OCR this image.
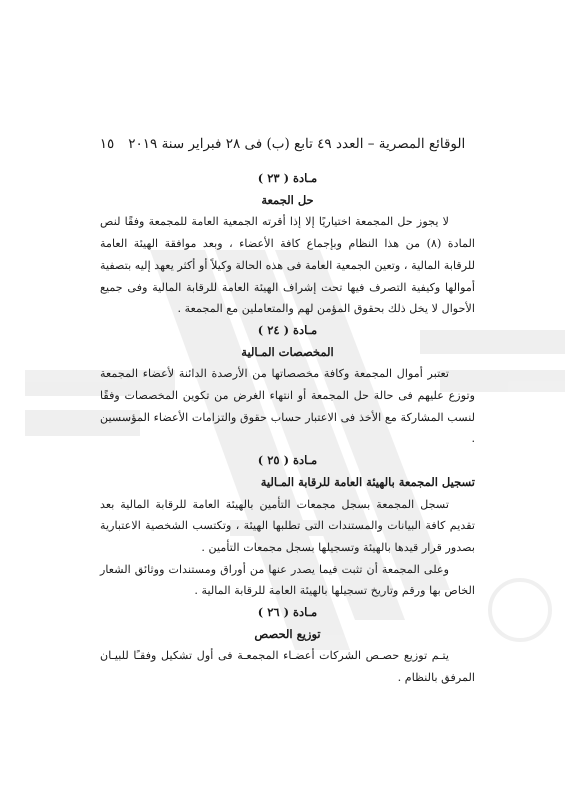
الوقائع المصرية – العدد ٤٩ تابع (ب) فى ٢٨ فبراير سنة ٢٠١٩
١٥

مـادة ( ٢٣ )

حل الجمعة

لا يجوز حل المجمعة اختياريًا إلا إذا أقرته الجمعية العامة للمجمعة وفقًا لنص المادة (٨) من هذا النظام وبإجماع كافة الأعضاء ، وبعد موافقة الهيئة العامة للرقابة المالية ، وتعين الجمعية العامة فى هذه الحالة وكيلاً أو أكثر يعهد إليه بتصفية أموالها وكيفية التصرف فيها تحت إشراف الهيئة العامة للرقابة المالية وفى جميع الأحوال لا يخل ذلك بحقوق المؤمن لهم والمتعاملين مع المجمعة .

مـادة ( ٢٤ )

المخصصات المـالية

تعتبر أموال المجمعة وكافة مخصصاتها من الأرصدة الدائنة لأعضاء المجمعة وتوزع عليهم فى حالة حل المجمعة أو انتهاء الغرض من تكوين المخصصات وفقًا لنسب المشاركة مع الأخذ فى الاعتبار حساب حقوق والتزامات الأعضاء المؤسسين .

مـادة ( ٢٥ )

تسجيل المجمعة بالهيئة العامة للرقابة المـالية

تسجل المجمعة بسجل مجمعات التأمين بالهيئة العامة للرقابة المالية بعد تقديم كافة البيانات والمستندات التى تطلبها الهيئة ، وتكتسب الشخصية الاعتبارية بصدور قرار قيدها بالهيئة وتسجيلها بسجل مجمعات التأمين .

وعلى المجمعة أن تثبت فيما يصدر عنها من أوراق ومستندات ووثائق الشعار الخاص بها ورقم وتاريخ تسجيلها بالهيئة العامة للرقابة المالية .

مـادة ( ٢٦ )

توزيع الحصص

يتـم توزيع حصـص الشركات أعضـاء المجمعـة فى أول تشكيل وفقـًا للبيـان المرفق بالنظام .
